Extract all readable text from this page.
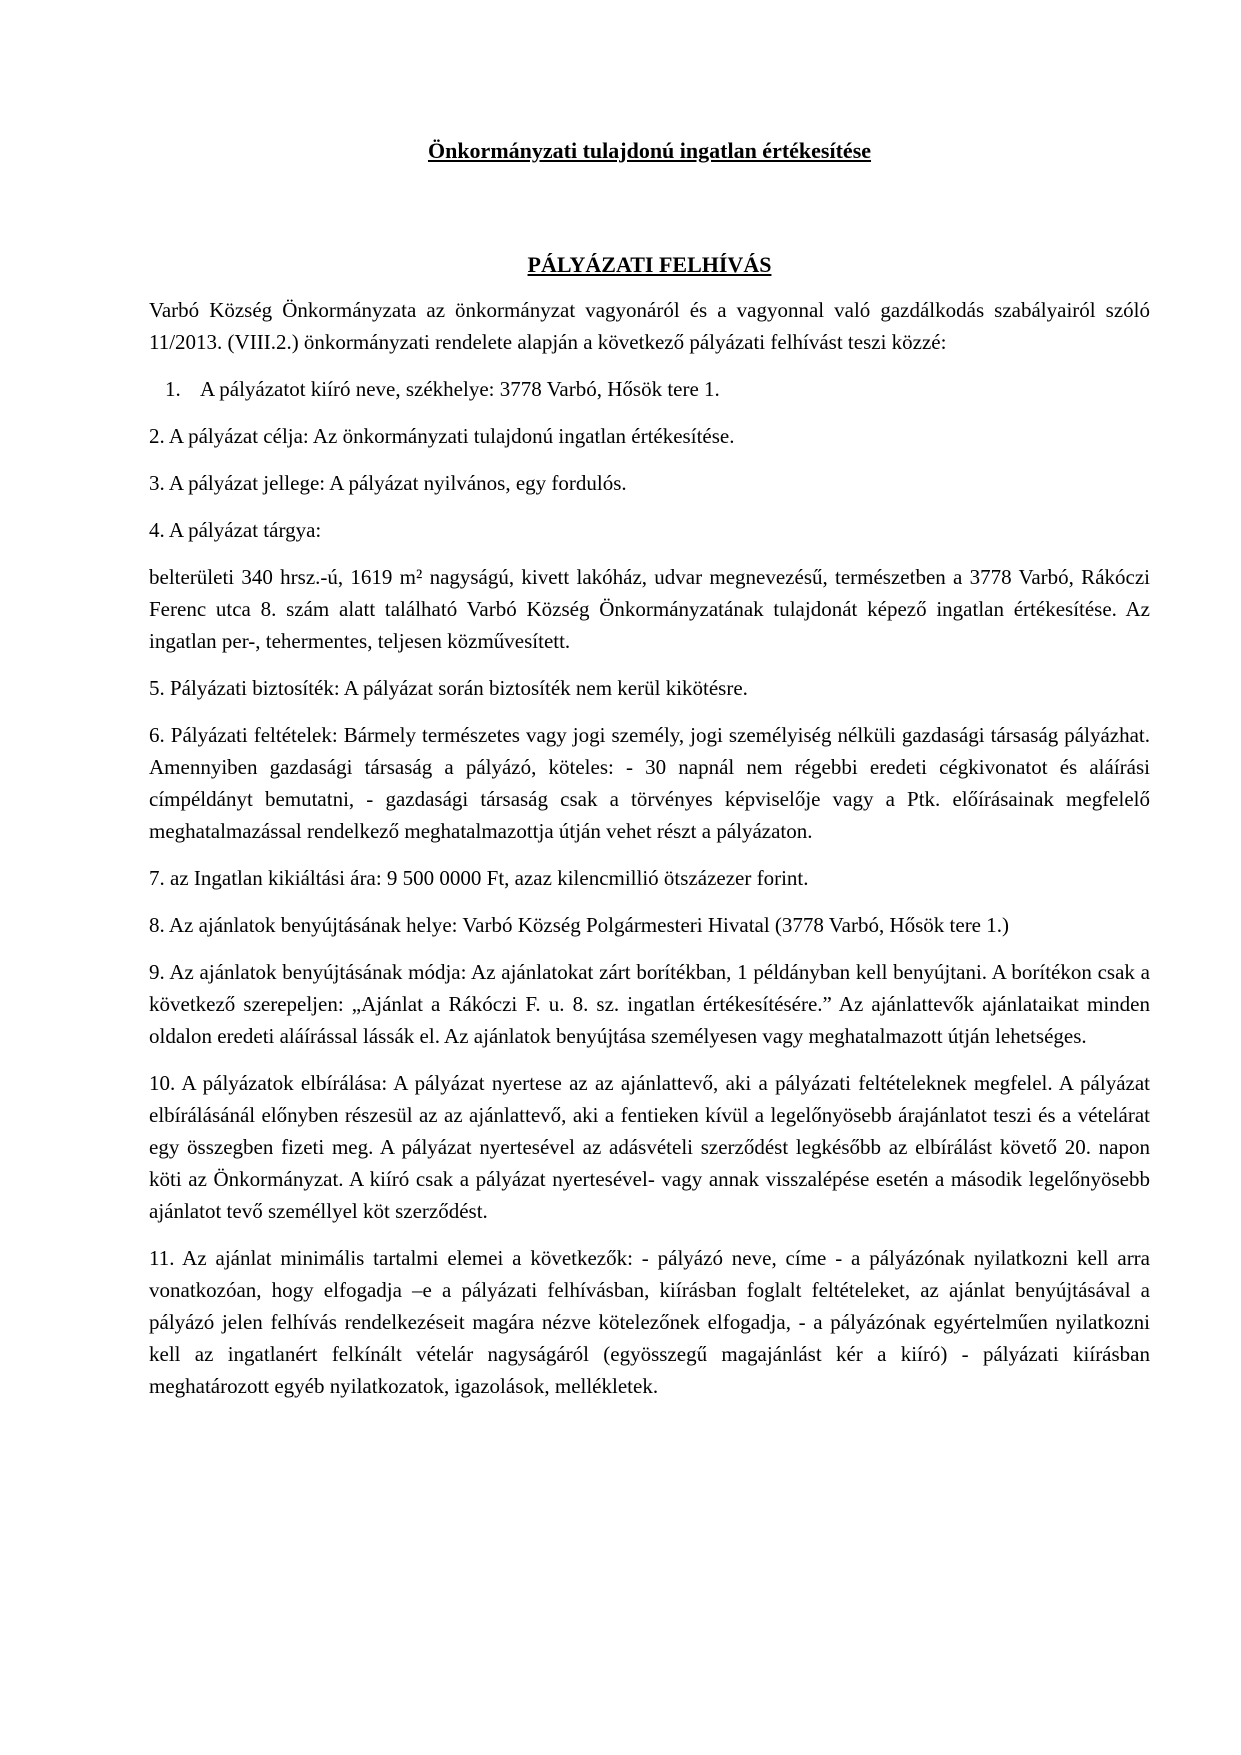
Önkormányzati tulajdonú ingatlan értékesítése
PÁLYÁZATI FELHÍVÁS

Varbó Község Önkormányzata az önkormányzat vagyonáról és a vagyonnal való gazdálkodás szabályairól szóló 11/2013. (VIII.2.) önkormányzati rendelete alapján a következő pályázati felhívást teszi közzé:

1. A pályázatot kiíró neve, székhelye: 3778 Varbó, Hősök tere 1.

2. A pályázat célja: Az önkormányzati tulajdonú ingatlan értékesítése.

3. A pályázat jellege: A pályázat nyilvános, egy fordulós.

4. A pályázat tárgya:

belterületi 340 hrsz.-ú, 1619 m² nagyságú, kivett lakóház, udvar megnevezésű, természetben a 3778 Varbó, Rákóczi Ferenc utca 8. szám alatt található Varbó Község Önkormányzatának tulajdonát képező ingatlan értékesítése. Az ingatlan per-, tehermentes, teljesen közművesített.

5. Pályázati biztosíték: A pályázat során biztosíték nem kerül kikötésre.

6. Pályázati feltételek: Bármely természetes vagy jogi személy, jogi személyiség nélküli gazdasági társaság pályázhat. Amennyiben gazdasági társaság a pályázó, köteles: - 30 napnál nem régebbi eredeti cégkivonatot és aláírási címpéldányt bemutatni, - gazdasági társaság csak a törvényes képviselője vagy a Ptk. előírásainak megfelelő meghatalmazással rendelkező meghatalmazottja útján vehet részt a pályázaton.

7. az Ingatlan kikiáltási ára: 9 500 0000 Ft, azaz kilencmillió ötszázezer forint.

8. Az ajánlatok benyújtásának helye: Varbó Község Polgármesteri Hivatal (3778 Varbó, Hősök tere 1.)

9. Az ajánlatok benyújtásának módja: Az ajánlatokat zárt borítékban, 1 példányban kell benyújtani. A borítékon csak a következő szerepeljen: „Ajánlat a Rákóczi F. u. 8. sz. ingatlan értékesítésére.” Az ajánlattevők ajánlataikat minden oldalon eredeti aláírással lássák el. Az ajánlatok benyújtása személyesen vagy meghatalmazott útján lehetséges.

10. A pályázatok elbírálása: A pályázat nyertese az az ajánlattevő, aki a pályázati feltételeknek megfelel. A pályázat elbírálásánál előnyben részesül az az ajánlattevő, aki a fentieken kívül a legelőnyösebb árajánlatot teszi és a vételárat egy összegben fizeti meg. A pályázat nyertesével az adásvételi szerződést legkésőbb az elbírálást követő 20. napon köti az Önkormányzat. A kiíró csak a pályázat nyertesével- vagy annak visszalépése esetén a második legelőnyösebb ajánlatot tevő személlyel köt szerződést.

11. Az ajánlat minimális tartalmi elemei a következők: - pályázó neve, címe - a pályázónak nyilatkozni kell arra vonatkozóan, hogy elfogadja –e a pályázati felhívásban, kiírásban foglalt feltételeket, az ajánlat benyújtásával a pályázó jelen felhívás rendelkezéseit magára nézve kötelezőnek elfogadja, - a pályázónak egyértelműen nyilatkozni kell az ingatlanért felkínált vételár nagyságáról (egyösszegű magajánlást kér a kiíró) - pályázati kiírásban meghatározott egyéb nyilatkozatok, igazolások, mellékletek.
